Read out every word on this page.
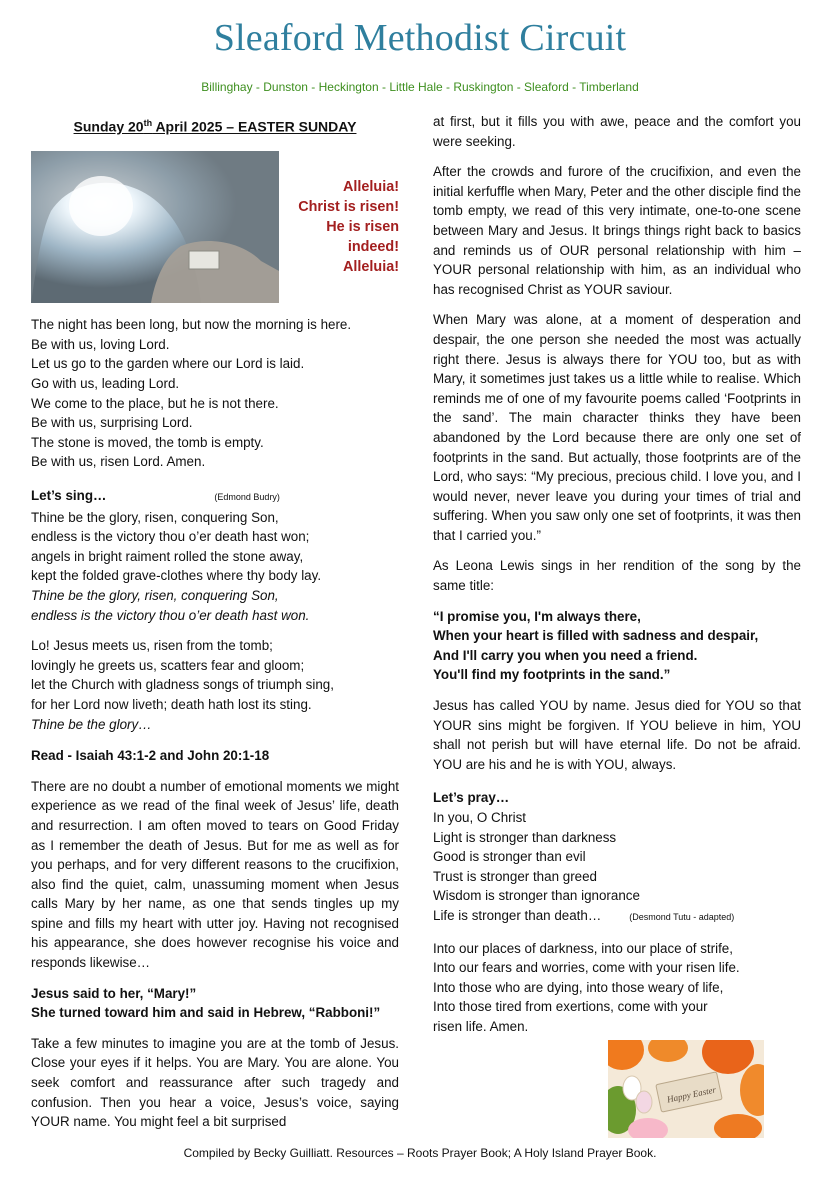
Sleaford Methodist Circuit
Billinghay - Dunston - Heckington - Little Hale - Ruskington - Sleaford - Timberland
Sunday 20th April 2025 – EASTER SUNDAY
Alleluia!
Christ is risen!
He is risen
indeed!
Alleluia!
The night has been long, but now the morning is here.
Be with us, loving Lord.
Let us go to the garden where our Lord is laid.
Go with us, leading Lord.
We come to the place, but he is not there.
Be with us, surprising Lord.
The stone is moved, the tomb is empty.
Be with us, risen Lord. Amen.
Let’s sing…	(Edmond Budry)
Thine be the glory, risen, conquering Son,
endless is the victory thou o’er death hast won;
angels in bright raiment rolled the stone away,
kept the folded grave-clothes where thy body lay.
Thine be the glory, risen, conquering Son,
endless is the victory thou o’er death hast won.
Lo! Jesus meets us, risen from the tomb;
lovingly he greets us, scatters fear and gloom;
let the Church with gladness songs of triumph sing,
for her Lord now liveth; death hath lost its sting.
Thine be the glory…

Read - Isaiah 43:1-2 and John 20:1-18

There are no doubt a number of emotional moments we might experience as we read of the final week of Jesus’ life, death and resurrection. I am often moved to tears on Good Friday as I remember the death of Jesus. But for me as well as for you perhaps, and for very different reasons to the crucifixion, also find the quiet, calm, unassuming moment when Jesus calls Mary by her name, as one that sends tingles up my spine and fills my heart with utter joy. Having not recognised his appearance, she does however recognise his voice and responds likewise…

Jesus said to her, “Mary!”
She turned toward him and said in Hebrew, “Rabboni!”

Take a few minutes to imagine you are at the tomb of Jesus. Close your eyes if it helps. You are Mary. You are alone. You seek comfort and reassurance after such tragedy and confusion. Then you hear a voice, Jesus’s voice, saying YOUR name. You might feel a bit surprised

at first, but it fills you with awe, peace and the comfort you were seeking.

After the crowds and furore of the crucifixion, and even the initial kerfuffle when Mary, Peter and the other disciple find the tomb empty, we read of this very intimate, one-to-one scene between Mary and Jesus. It brings things right back to basics and reminds us of OUR personal relationship with him – YOUR personal relationship with him, as an individual who has recognised Christ as YOUR saviour.

When Mary was alone, at a moment of desperation and despair, the one person she needed the most was actually right there. Jesus is always there for YOU too, but as with Mary, it sometimes just takes us a little while to realise. Which reminds me of one of my favourite poems called ‘Footprints in the sand’. The main character thinks they have been abandoned by the Lord because there are only one set of footprints in the sand. But actually, those footprints are of the Lord, who says: “My precious, precious child. I love you, and I would never, never leave you during your times of trial and suffering. When you saw only one set of footprints, it was then that I carried you.”

As Leona Lewis sings in her rendition of the song by the same title:

“I promise you, I'm always there,
When your heart is filled with sadness and despair,
And I'll carry you when you need a friend.
You'll find my footprints in the sand.”

Jesus has called YOU by name. Jesus died for YOU so that YOUR sins might be forgiven. If YOU believe in him, YOU shall not perish but will have eternal life. Do not be afraid. YOU are his and he is with YOU, always.

Let’s pray…
In you, O Christ
Light is stronger than darkness
Good is stronger than evil
Trust is stronger than greed
Wisdom is stronger than ignorance
Life is stronger than death…	(Desmond Tutu - adapted)
Into our places of darkness, into our place of strife,
Into our fears and worries, come with your risen life.
Into those who are dying, into those weary of life,
Into those tired from exertions, come with your
risen life. Amen.
Happy Easter
Compiled by Becky Guilliatt. Resources – Roots Prayer Book; A Holy Island Prayer Book.
